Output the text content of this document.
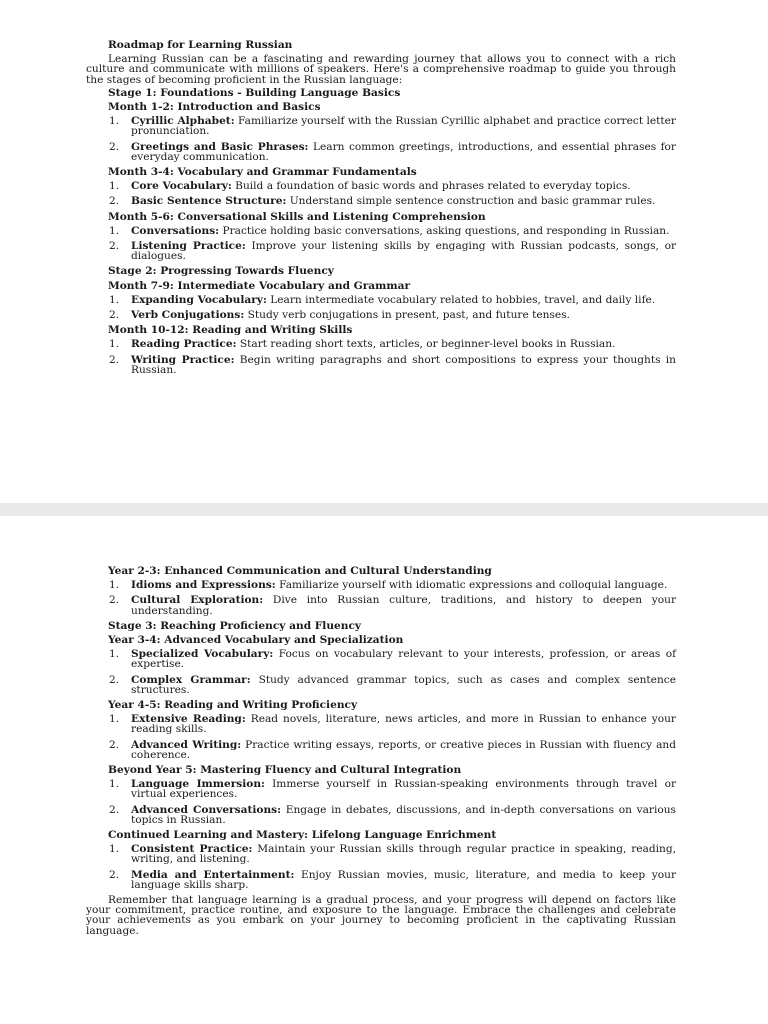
Roadmap for Learning Russian

Learning Russian can be a fascinating and rewarding journey that allows you to connect with a rich culture and communicate with millions of speakers. Here's a comprehensive roadmap to guide you through the stages of becoming proficient in the Russian language:

Stage 1: Foundations - Building Language Basics
Month 1-2: Introduction and Basics
1. Cyrillic Alphabet: Familiarize yourself with the Russian Cyrillic alphabet and practice correct letter pronunciation.
2. Greetings and Basic Phrases: Learn common greetings, introductions, and essential phrases for everyday communication.
Month 3-4: Vocabulary and Grammar Fundamentals
1. Core Vocabulary: Build a foundation of basic words and phrases related to everyday topics.
2. Basic Sentence Structure: Understand simple sentence construction and basic grammar rules.
Month 5-6: Conversational Skills and Listening Comprehension
1. Conversations: Practice holding basic conversations, asking questions, and responding in Russian.
2. Listening Practice: Improve your listening skills by engaging with Russian podcasts, songs, or dialogues.
Stage 2: Progressing Towards Fluency
Month 7-9: Intermediate Vocabulary and Grammar
1. Expanding Vocabulary: Learn intermediate vocabulary related to hobbies, travel, and daily life.
2. Verb Conjugations: Study verb conjugations in present, past, and future tenses.
Month 10-12: Reading and Writing Skills
1. Reading Practice: Start reading short texts, articles, or beginner-level books in Russian.
2. Writing Practice: Begin writing paragraphs and short compositions to express your thoughts in Russian.
Year 2-3: Enhanced Communication and Cultural Understanding
1. Idioms and Expressions: Familiarize yourself with idiomatic expressions and colloquial language.
2. Cultural Exploration: Dive into Russian culture, traditions, and history to deepen your understanding.
Stage 3: Reaching Proficiency and Fluency
Year 3-4: Advanced Vocabulary and Specialization
1. Specialized Vocabulary: Focus on vocabulary relevant to your interests, profession, or areas of expertise.
2. Complex Grammar: Study advanced grammar topics, such as cases and complex sentence structures.
Year 4-5: Reading and Writing Proficiency
1. Extensive Reading: Read novels, literature, news articles, and more in Russian to enhance your reading skills.
2. Advanced Writing: Practice writing essays, reports, or creative pieces in Russian with fluency and coherence.
Beyond Year 5: Mastering Fluency and Cultural Integration
1. Language Immersion: Immerse yourself in Russian-speaking environments through travel or virtual experiences.
2. Advanced Conversations: Engage in debates, discussions, and in-depth conversations on various topics in Russian.
Continued Learning and Mastery: Lifelong Language Enrichment
1. Consistent Practice: Maintain your Russian skills through regular practice in speaking, reading, writing, and listening.
2. Media and Entertainment: Enjoy Russian movies, music, literature, and media to keep your language skills sharp.

Remember that language learning is a gradual process, and your progress will depend on factors like your commitment, practice routine, and exposure to the language. Embrace the challenges and celebrate your achievements as you embark on your journey to becoming proficient in the captivating Russian language.
